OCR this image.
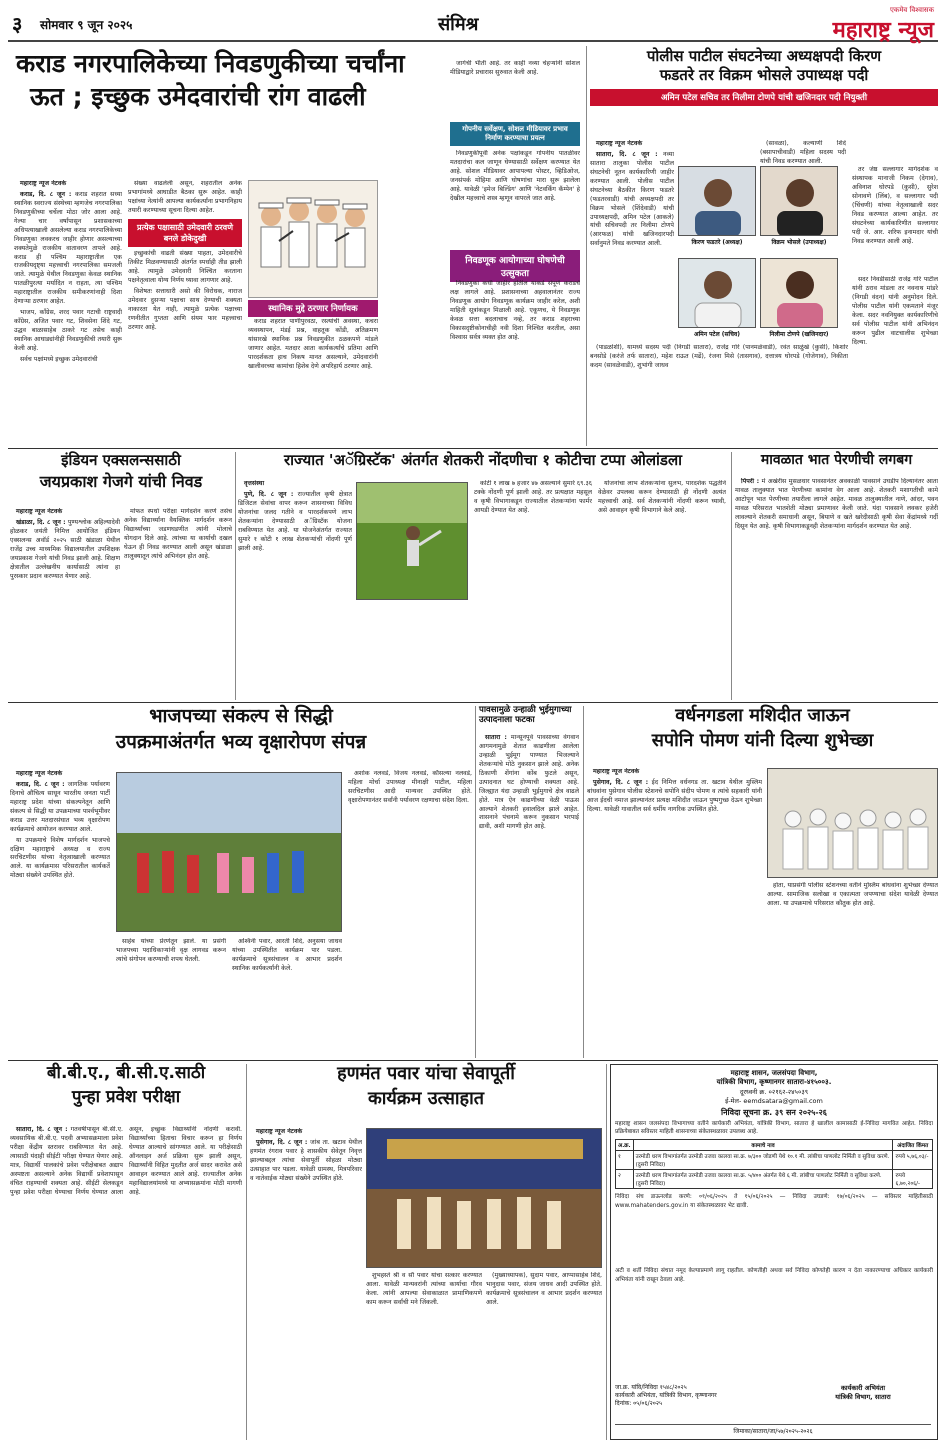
३ सोमवार ९ जून २०२५	संमिश्र
एकमेव विश्वासक
महाराष्ट्र न्यूज
कराड नगरपालिकेच्या निवडणुकीच्या चर्चांना
ऊत ; इच्छुक उमेदवारांची रांग वाढली

महाराष्ट्र न्यूज नेटवर्क

कराड, दि. ८ जून : कराड शहरात सध्या स्थानिक स्वराज्य संस्थेच्या म्हणजेच नगरपालिका निवडणुकीच्या चर्चेला मोठा जोर आला आहे. गेल्या चार वर्षांपासून प्रशासकाच्या अधिपत्याखाली असलेल्या कराड नगरपालिकेच्या निवडणुका लवकरच जाहीर होणार असल्याच्या शक्यतेमुळे राजकीय वातावरण तापले आहे. कराड ही पश्चिम महाराष्ट्रातील एक राजकीयदृष्ट्या महत्त्वाची नगरपालिका समजली जाते. त्यामुळे येथील निवडणुका केवळ स्थानिक पातळीपुरत्या मर्यादित न राहता, त्या पश्चिम महाराष्ट्रातील राजकीय समीकरणांनाही दिशा देणाऱ्या ठरणार आहेत.

भाजप, काँग्रेस, शरद पवार गटाची राष्ट्रवादी काँग्रेस, अजित पवार गट, शिवसेना शिंदे गट, उद्धव बाळासाहेब ठाकरे गट तसेच काही स्थानिक आघाड्यांनीही निवडणुकीची तयारी सुरू केली आहे.

सर्वच पक्षांमध्ये इच्छुक उमेदवारांची

संख्या वाढलेली असून, शहरातील अनेक प्रभागांमध्ये आघाडीत बैठका सुरू आहेत. काही पक्षांच्या नेत्यांनी आपल्या कार्यकर्त्यांना प्रभागनिहाय तयारी करण्याच्या सूचना दिल्या आहेत.

प्रत्येक पक्षासाठी उमेदवारी ठरवणे बनले डोकेदुखी

इच्छुकांची वाढती संख्या पाहता, उमेदवारीचे तिकीट मिळवण्यासाठी अंतर्गत स्पर्धाही तीव्र झाली आहे. त्यामुळे उमेदवारी निश्चित करताना पक्षनेतृत्वाला योग्य निर्णय घ्यावा लागणार आहे.

विशेषतः सत्ताधारी असो की विरोधक, नाराज उमेदवार दुसऱ्या पक्षाचा साथ देण्याची शक्यता नाकारता येत नाही, त्यामुळे प्रत्येक पक्षाच्या रणनीतीत गुप्तता आणि संयम फार महत्त्वाचा ठरणार आहे.

स्थानिक मुद्दे ठरणार निर्णायक

कराड शहरात पाणीपुरवठा, रस्त्यांची अवस्था, कचरा व्यवस्थापन, मंडई प्रश्न, वाहतूक कोंडी, अतिक्रमण यांसारखे स्थानिक प्रश्न निवडणुकीत ठळकपणे मांडले जाणार आहेत. मतदार आता कार्यकर्त्यांचे प्रतिमा आणि पारदर्शकता हाच निकष मानत असल्याने, उमेदवारांनी खालीवरच्या कामांचा हिशेब देणे अपरिहार्य ठरणार आहे.

जागेची भीती आहे. तर काही नव्या चेहऱ्यांनी सोशल मीडियाद्वारे प्रचारास सुरुवात केली आहे.

गोपनीय सर्वेक्षण, सोशल मीडियावर प्रभाव निर्माण करण्याचा प्रयत्न

निवडणुकीपूर्वी अनेक पक्षांकडून गोपनीय पातळीवर मतदारांचा कल जाणून घेण्यासाठी सर्वेक्षण करण्यात येत आहे. सोशल मीडियावर आपापल्या पोस्टर, व्हिडिओज, जनसंपर्क मोहिमा आणि घोषणांचा मारा सुरू झालेला आहे. यावेळी 'इमेज बिल्डिंग' आणि 'नेटवर्किंग कॅम्पेन' हे देखील महत्त्वाचे शस्त्र म्हणून वापरले जात आहे.

निवडणूक आयोगाच्या घोषणेची उत्सुकता

निवडणुका कधी जाहीर होतील याकडे संपूर्ण कराडचे लक्ष लागले आहे. प्रशासनाच्या अहवालानंतर राज्य निवडणूक आयोग निवडणूक कार्यक्रम जाहीर करेल, अशी माहिती सूत्रांकडून मिळाली आहे. एकूणच, ये निवडणूक केवळ सत्ता बदलाचाच नव्हे, तर कराड शहराच्या विकासदृष्टीकोनाचीही नवी दिशा निश्चित करतील, असा विश्वास सर्वत्र व्यक्त होत आहे.

पोलीस पाटील संघटनेच्या अध्यक्षपदी किरण
फडतरे तर विक्रम भोसले उपाध्यक्ष पदी
अमिन पटेल सचिव तर निलीमा टोणपे यांची खजिनदार पदी नियुक्ती

महाराष्ट्र न्यूज नेटवर्क

सातारा, दि. ८ जून : नव्या सातारा तालुका पोलीस पाटील संघटनेची नूतन कार्यकारिणी जाहीर करण्यात आली. पोलीस पाटील संघटनेच्या बैठकीत किरण फडतरे (फडतरवाडी) यांची अध्यक्षपदी तर विक्रम भोसले (शिंदेवाडी) यांची उपाध्यक्षपदी, अमिन पटेल (आकले) यांची सचिवपदी तर निलीमा टोणपे (आरफळ) यांची खजिनदारपदी सर्वानुमते निवड करण्यात आली.	किरण फडतरे (अध्यक्ष)	विक्रम भोसले (उपाध्यक्ष)
अमिन पटेल (सचिव)	निलीमा टोणपे (खजिनदार)

(सावळा), कल्याणी शिंदे (बसापाचीवाडी) महिला सदस्य पदी यांची निवड करण्यात आली.

तर जेष्ठ सल्लागार मार्गदर्शक व संस्थापक मानाजी निकम (देगाव), अविनाश घोरपडे (कुसी), सुरेश सोनावणे (लिंब), व सल्लागार पदी (चिंचणी) यांच्या नेतृत्वाखाली सदर निवड करण्यात आल्या आहेत. तर संघटनेच्या कार्यकारिणीत सल्लागार पदी जे. आर. शरिफ इनामदार यांची निवड करण्यात आली आहे.

सदर निवडीसाठी राजेंद्र गोरे पाटील यांनी ठराव मांडला तर नवनाथ मांडरे (निगडी वंदन) यांनी अनुमोदन दिले. पोलीस पाटील यांनी एकमताने मंजूर केला. सदर नवनियुक्त कार्यकारिणीचे सर्व पोलीस पाटील यांनी अभिनंदन करून पुढील वाटचालीस शुभेच्छा दिल्या.

(पाडळोशी), यामध्ये सदस्य पदी (निगडी सातारा), राजेंद्र गोरे (पानमळेवाडी), रवंत साळुंखे (कुसी), किशोर बनसोडे (करंजे तर्फ सातारा), महेश राऊत (मर्ढे), रंजना मिसे (तासगाव), दत्तात्रय घोरपडे (गोजेगाव), निकीता कदम (सावळेवाडी), शुभांगी जाधव

इंडियन एक्सलन्ससाठी
जयप्रकाश गेजगे यांची निवड

महाराष्ट्र न्यूज नेटवर्क

खंडाळा, दि. ८ जून : पुण्यश्लोक अहिल्यादेवी होळकर जयंती निमित्त आयोजित इंडियन एक्सलन्स अवॉर्ड २०२५ साठी खंडाळा येथील राजेंद्र उच्च माध्यमिक विद्यालयातील उपशिक्षक जयप्रकाश गेजगे यांची निवड झाली आहे. शिक्षण क्षेत्रातील उल्लेखनीय कार्यासाठी त्यांना हा पुरस्कार प्रदान करण्यात येणार आहे.

मोफत स्पर्धा परीक्षा मार्गदर्शन करणे तसेच अनेक विद्यार्थ्यांना वैयक्तिक मार्गदर्शन करून विद्यार्थ्यांच्या जडणघडणीत त्यांनी मोलाचे योगदान दिले आहे. त्यांच्या या कार्याची दखल घेऊन ही निवड करण्यात आली असून खंडाळा तालुक्यातून त्यांचे अभिनंदन होत आहे.

राज्यात 'अॅग्रिस्टॅक' अंतर्गत शेतकरी नोंदणीचा १ कोटीचा टप्पा ओलांडला

वृत्तसंस्था

पुणे, दि. ८ जून : राज्यातील कृषी क्षेत्रात डिजिटल सेवांचा वापर करून शासनाच्या विविध योजनांचा जलद गतीने व पारदर्शकपणे लाभ शेतकऱ्यांना देण्यासाठी अॅग्रिस्टॅक योजना राबविण्यात येत आहे. या योजनेअंतर्गत राज्यात सुमारे १ कोटी १ लाख शेतकऱ्यांची नोंदणी पूर्ण झाली आहे.

कोटी १ लाख ७ हजार ४७ असल्याने सुमारे ६९.३६ टक्के नोंदणी पूर्ण झाली आहे. तर प्रत्यक्षात महसूल व कृषी विभागाकडून राज्यातील शेतकऱ्यांना फार्मर आयडी देण्यात येत आहे.

योजनांचा लाभ शेतकऱ्यांना सुलभ, पारदर्शक पद्धतीने वेळेवर उपलब्ध करून देण्यासाठी ही नोंदणी अत्यंत महत्त्वाची आहे. सर्व शेतकऱ्यांनी नोंदणी करून घ्यावी, असे आवाहन कृषी विभागाने केले आहे.

मावळात भात पेरणीची लगबग

पिंपरी : मे अखेरीस मुसळधार पावसानंतर अवकाळी पावसाने उघडीप दिल्यानंतर आता मावळ तालुक्यात भात पेरणीच्या कामांना वेग आला आहे. शेतकरी मशागतीची कामे आटोपून भात पेरणीच्या तयारीला लागले आहेत. मावळ तालुक्यातील नाणे, आंदर, पवन मावळ परिसरात भातशेती मोठ्या प्रमाणावर केली जाते. यंदा पावसाने लवकर हजेरी लावल्याने शेतकरी समाधानी असून, बियाणे व खते खरेदीसाठी कृषी सेवा केंद्रांमध्ये गर्दी दिसून येत आहे. कृषी विभागाकडूनही शेतकऱ्यांना मार्गदर्शन करण्यात येत आहे.

भाजपच्या संकल्प से सिद्धी
उपक्रमाअंतर्गत भव्य वृक्षारोपण संपन्न

महाराष्ट्र न्यूज नेटवर्क

कराड, दि. ८ जून : जागतिक पर्यावरण दिनाचे औचित्य साधून भारतीय जनता पार्टी महाराष्ट्र प्रदेश यांच्या संकल्पनेतून आणि संकल्प से सिद्धी या उपक्रमाच्या पार्श्वभूमीवर कराड उत्तर मतदारसंघात भव्य वृक्षारोपण कार्यक्रमाचे आयोजन करण्यात आले.

या उपक्रमाचे विशेष मार्गदर्शन भाजपचे दक्षिण महाराष्ट्राचे अध्यक्ष व राज्य सरचिटणीस यांच्या नेतृत्वाखाली करण्यात आले. या कार्यक्रमास परिसरातील कार्यकर्ते मोठ्या संख्येने उपस्थित होते.

साहेब यांच्या प्रेरणेतून झाले. या प्रसंगी भाजपच्या पदाधिकाऱ्यांनी वृक्ष लागवड करून त्यांचे संगोपन करण्याची शपथ घेतली.

अश्विनी पवार, आरती शिंदे, अनुसया जाधव यांच्या उपस्थितीत कार्यक्रम पार पडला. कार्यक्रमाचे सूत्रसंचालन व आभार प्रदर्शन स्थानिक कार्यकर्त्यांनी केले.

अशोक नलवडे, विजय नलवडे, कौसल्या नलवडे, महिला मोर्चा उपाध्यक्ष मीनाक्षी पाटील, महिला सरचिटणीस आदी मान्यवर उपस्थित होते. वृक्षारोपणानंतर सर्वांनी पर्यावरण रक्षणाचा संदेश दिला.

पावसामुळे उन्हाळी भुईमुगाच्या
उत्पादनाला फटका

सातारा : मान्सूनपूर्व पावसाच्या वेगवान आगमनामुळे शेतात काढणीला आलेला उन्हाळी भुईमूग पाण्यात भिजल्याने शेतकऱ्यांचे मोठे नुकसान झाले आहे. अनेक ठिकाणी शेंगांना कोंब फुटले असून, उत्पादनात घट होण्याची शक्यता आहे. जिल्ह्यात यंदा उन्हाळी भुईमुगाचे क्षेत्र वाढले होते. मात्र ऐन काढणीच्या वेळी पाऊस आल्याने शेतकरी हवालदिल झाले आहेत. शासनाने पंचनामे करून नुकसान भरपाई द्यावी, अशी मागणी होत आहे.

वर्धनगडला मशिदीत जाऊन
सपोनि पोमण यांनी दिल्या शुभेच्छा

महाराष्ट्र न्यूज नेटवर्क

पुसेगाव, दि. ८ जून : ईद निमित्त वर्धनगड ता. खटाव येथील मुस्लिम बांधवांना पुसेगाव पोलीस स्टेशनचे सपोनि संदीप पोमण व त्यांचे सहकारी यांनी आज ईदची नमाज झाल्यानंतर प्रत्यक्ष मशिदीत जाऊन पुष्पगुच्छ देऊन शुभेच्छा दिल्या. यावेळी गावातील सर्व धर्मीय नागरिक उपस्थित होते.

होता, याप्रसंगी पोलीस स्टेशनच्या वतीने मुस्लिम बांधवांना शुभेच्छा देण्यात आल्या. सामाजिक सलोखा व एकात्मता जपण्याचा संदेश यावेळी देण्यात आला. या उपक्रमाचे परिसरात कौतुक होत आहे.

बी.बी.ए., बी.सी.ए.साठी
पुन्हा प्रवेश परीक्षा

सातारा, दि. ८ जून : गतवर्षीपासून बी.सी.ए. व्यवसायिक बी.बी.ए. पदवी अभ्यासक्रमाला प्रवेश परीक्षा केंद्रीय स्तरावर राबविण्यात येत आहे. त्यासाठी यंदाही सीईटी परीक्षा घेण्यात येणार आहे. मात्र, विद्यार्थी पालकांचे प्रवेश परीक्षेबाबत अद्याप अस्पष्टता असल्याने अनेक विद्यार्थी प्रवेशापासून वंचित राहण्याची शक्यता आहे. सीईटी सेलकडून पुन्हा प्रवेश परीक्षा घेण्याचा निर्णय घेण्यात आला असून, इच्छुक विद्यार्थ्यांनी नोंदणी करावी. विद्यार्थ्यांच्या हिताचा विचार करून हा निर्णय घेण्यात आल्याचे सांगण्यात आले. या परीक्षेसाठी ऑनलाइन अर्ज प्रक्रिया सुरू झाली असून, विद्यार्थ्यांनी विहित मुदतीत अर्ज सादर करावेत असे आवाहन करण्यात आले आहे. राज्यातील अनेक महाविद्यालयांमध्ये या अभ्यासक्रमांना मोठी मागणी आहे.

हणमंत पवार यांचा सेवापूर्ती
कार्यक्रम उत्साहात

महाराष्ट्र न्यूज नेटवर्क

पुसेगाव, दि. ८ जून : जांब ता. खटाव येथील हणमंत रंगराव पवार हे शासकीय सेवेतून निवृत्त झाल्याबद्दल त्यांचा सेवापूर्ती सोहळा मोठ्या उत्साहात पार पडला. यावेळी ग्रामस्थ, मित्रपरिवार व नातेवाईक मोठ्या संख्येने उपस्थित होते.

शुभहस्ते श्री व सौ पवार यांचा सत्कार करण्यात आला. यावेळी मान्यवरांनी त्यांच्या कार्याचा गौरव केला. त्यांनी आपल्या सेवाकाळात प्रामाणिकपणे काम करून सर्वांची मने जिंकली.

(मुख्याध्यापक), सुदाम पवार, आप्पासाहेब शिंदे, भानुदास पवार, संजय जाधव आदी उपस्थित होते. कार्यक्रमाचे सूत्रसंचालन व आभार प्रदर्शन करण्यात आले.

महाराष्ट्र शासन, जलसंपदा विभाग,
यांत्रिकी विभाग, कृष्णानगर सातारा-४१५००३.
दूरध्वनी क्र. ०२१६२-२४५०३९
ई-मेल- eemdsatara@gmail.com
निविदा सूचना क्र. ३९ सन २०२५-२६
महाराष्ट्र शासन जलसंपदा विभागाच्या वतीने कार्यकारी अभियंता, यांत्रिकी विभाग, सातारा हे खालील कामासाठी ई-निविदा मागवित आहेत. निविदा प्रक्रियेबाबत सविस्तर माहिती शासनाच्या संकेतस्थळावर उपलब्ध आहे.
अ.क्र.	कामाचे नाव	अंदाजित किंमत
१	उरमोडी धरण विभागांतर्गत उरमोडी उजवा कालवा सा.क्र. ७/३०० जोडणी येथे १०.१ मी. लांबीचा पाणलोट निर्मिती व सुविधा करणे. (दुसरी निविदा)	रुपये ५,७६,०३/-
२	उरमोडी धरण विभागांतर्गत उरमोडी उजवा कालवा सा.क्र. ५/४०० अंतर्गत येथे ६ मी. लांबीचा पाणलोट निर्मिती व सुविधा करणे. (दुसरी निविदा)	रुपये ६,७०,२०६/-
निविदा संच डाऊनलोड करणे: ०१/०६/२०२५ ते १५/०६/२०२५ — निविदा उघडणे: १७/०६/२०२५ — सविस्तर माहितीसाठी www.mahatenders.gov.in या संकेतस्थळावर भेट द्यावी.
अटी व शर्ती निविदा संचात नमूद केल्याप्रमाणे लागू राहतील. कोणतीही अथवा सर्व निविदा कोणतेही कारण न देता नाकारण्याचा अधिकार कार्यकारी अभियंता यांनी राखून ठेवला आहे.
जा.क्र. यांवि/निविदा १५४८/२०२५
कार्यकारी अभियंता, यांत्रिकी विभाग, कृष्णानगर
दिनांक: ०५/०६/२०२५
कार्यकारी अभियंता
यांत्रिकी विभाग, सातारा
जिमाका/सातारा/जा/५७/२०२५-२०२६
